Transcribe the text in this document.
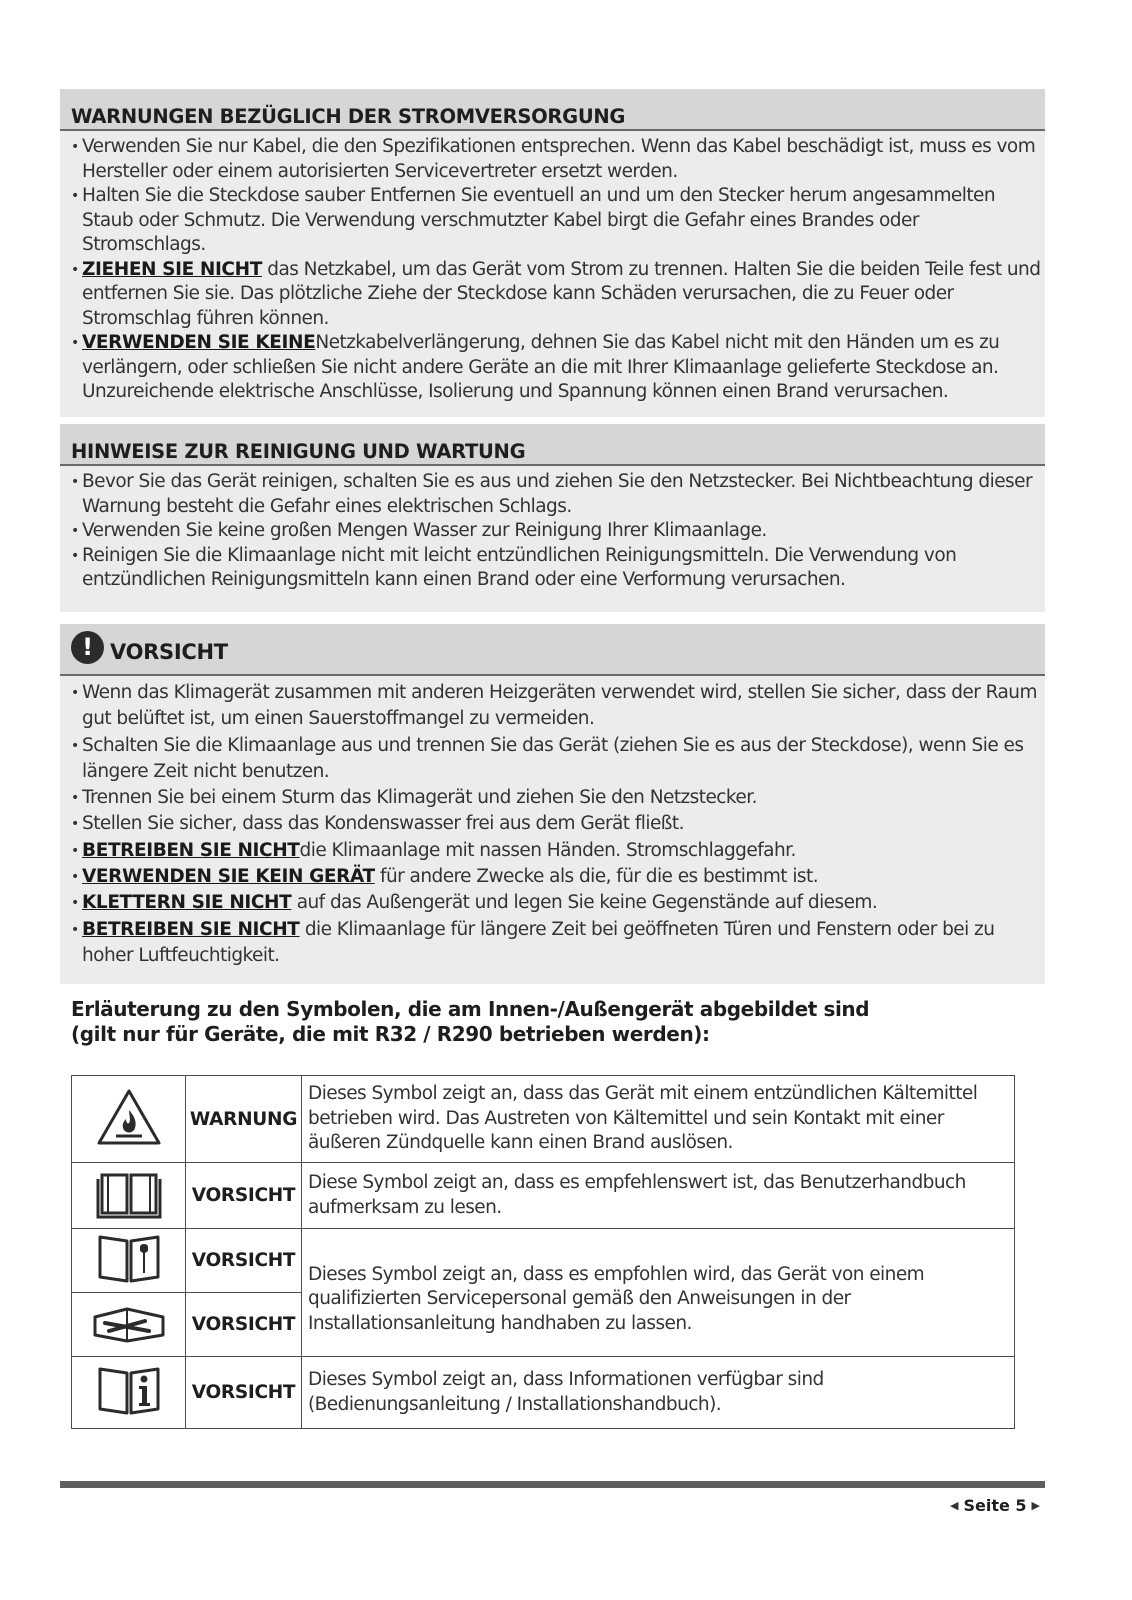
WARNUNGEN BEZÜGLICH DER STROMVERSORGUNG
• Verwenden Sie nur Kabel, die den Spezifikationen entsprechen. Wenn das Kabel beschädigt ist, muss es vom Hersteller oder einem autorisierten Servicevertreter ersetzt werden.
• Halten Sie die Steckdose sauber Entfernen Sie eventuell an und um den Stecker herum angesammelten Staub oder Schmutz. Die Verwendung verschmutzter Kabel birgt die Gefahr eines Brandes oder Stromschlags.
• ZIEHEN SIE NICHT das Netzkabel, um das Gerät vom Strom zu trennen. Halten Sie die beiden Teile fest und entfernen Sie sie. Das plötzliche Ziehe der Steckdose kann Schäden verursachen, die zu Feuer oder Stromschlag führen können.
• VERWENDEN SIE KEINENetzkabelverlängerung, dehnen Sie das Kabel nicht mit den Händen um es zu verlängern, oder schließen Sie nicht andere Geräte an die mit Ihrer Klimaanlage gelieferte Steckdose an. Unzureichende elektrische Anschlüsse, Isolierung und Spannung können einen Brand verursachen.
HINWEISE ZUR REINIGUNG UND WARTUNG
• Bevor Sie das Gerät reinigen, schalten Sie es aus und ziehen Sie den Netzstecker. Bei Nichtbeachtung dieser Warnung besteht die Gefahr eines elektrischen Schlags.
• Verwenden Sie keine großen Mengen Wasser zur Reinigung Ihrer Klimaanlage.
• Reinigen Sie die Klimaanlage nicht mit leicht entzündlichen Reinigungsmitteln. Die Verwendung von entzündlichen Reinigungsmitteln kann einen Brand oder eine Verformung verursachen.
! VORSICHT
• Wenn das Klimagerät zusammen mit anderen Heizgeräten verwendet wird, stellen Sie sicher, dass der Raum gut belüftet ist, um einen Sauerstoffmangel zu vermeiden.
• Schalten Sie die Klimaanlage aus und trennen Sie das Gerät (ziehen Sie es aus der Steckdose), wenn Sie es längere Zeit nicht benutzen.
• Trennen Sie bei einem Sturm das Klimagerät und ziehen Sie den Netzstecker.
• Stellen Sie sicher, dass das Kondenswasser frei aus dem Gerät fließt.
• BETREIBEN SIE NICHTdie Klimaanlage mit nassen Händen. Stromschlaggefahr.
• VERWENDEN SIE KEIN GERÄT für andere Zwecke als die, für die es bestimmt ist.
• KLETTERN SIE NICHT auf das Außengerät und legen Sie keine Gegenstände auf diesem.
• BETREIBEN SIE NICHT die Klimaanlage für längere Zeit bei geöffneten Türen und Fenstern oder bei zu hoher Luftfeuchtigkeit.
Erläuterung zu den Symbolen, die am Innen-/Außengerät abgebildet sind
(gilt nur für Geräte, die mit R32 / R290 betrieben werden):
	WARNUNG	Dieses Symbol zeigt an, dass das Gerät mit einem entzündlichen Kältemittel betrieben wird. Das Austreten von Kältemittel und sein Kontakt mit einer äußeren Zündquelle kann einen Brand auslösen.
	VORSICHT	Diese Symbol zeigt an, dass es empfehlenswert ist, das Benutzerhandbuch aufmerksam zu lesen.
	VORSICHT	Dieses Symbol zeigt an, dass es empfohlen wird, das Gerät von einem qualifizierten Servicepersonal gemäß den Anweisungen in der Installationsanleitung handhaben zu lassen.
	VORSICHT	
	VORSICHT	Dieses Symbol zeigt an, dass Informationen verfügbar sind (Bedienungsanleitung / Installationshandbuch).
◀ Seite 5 ▶
